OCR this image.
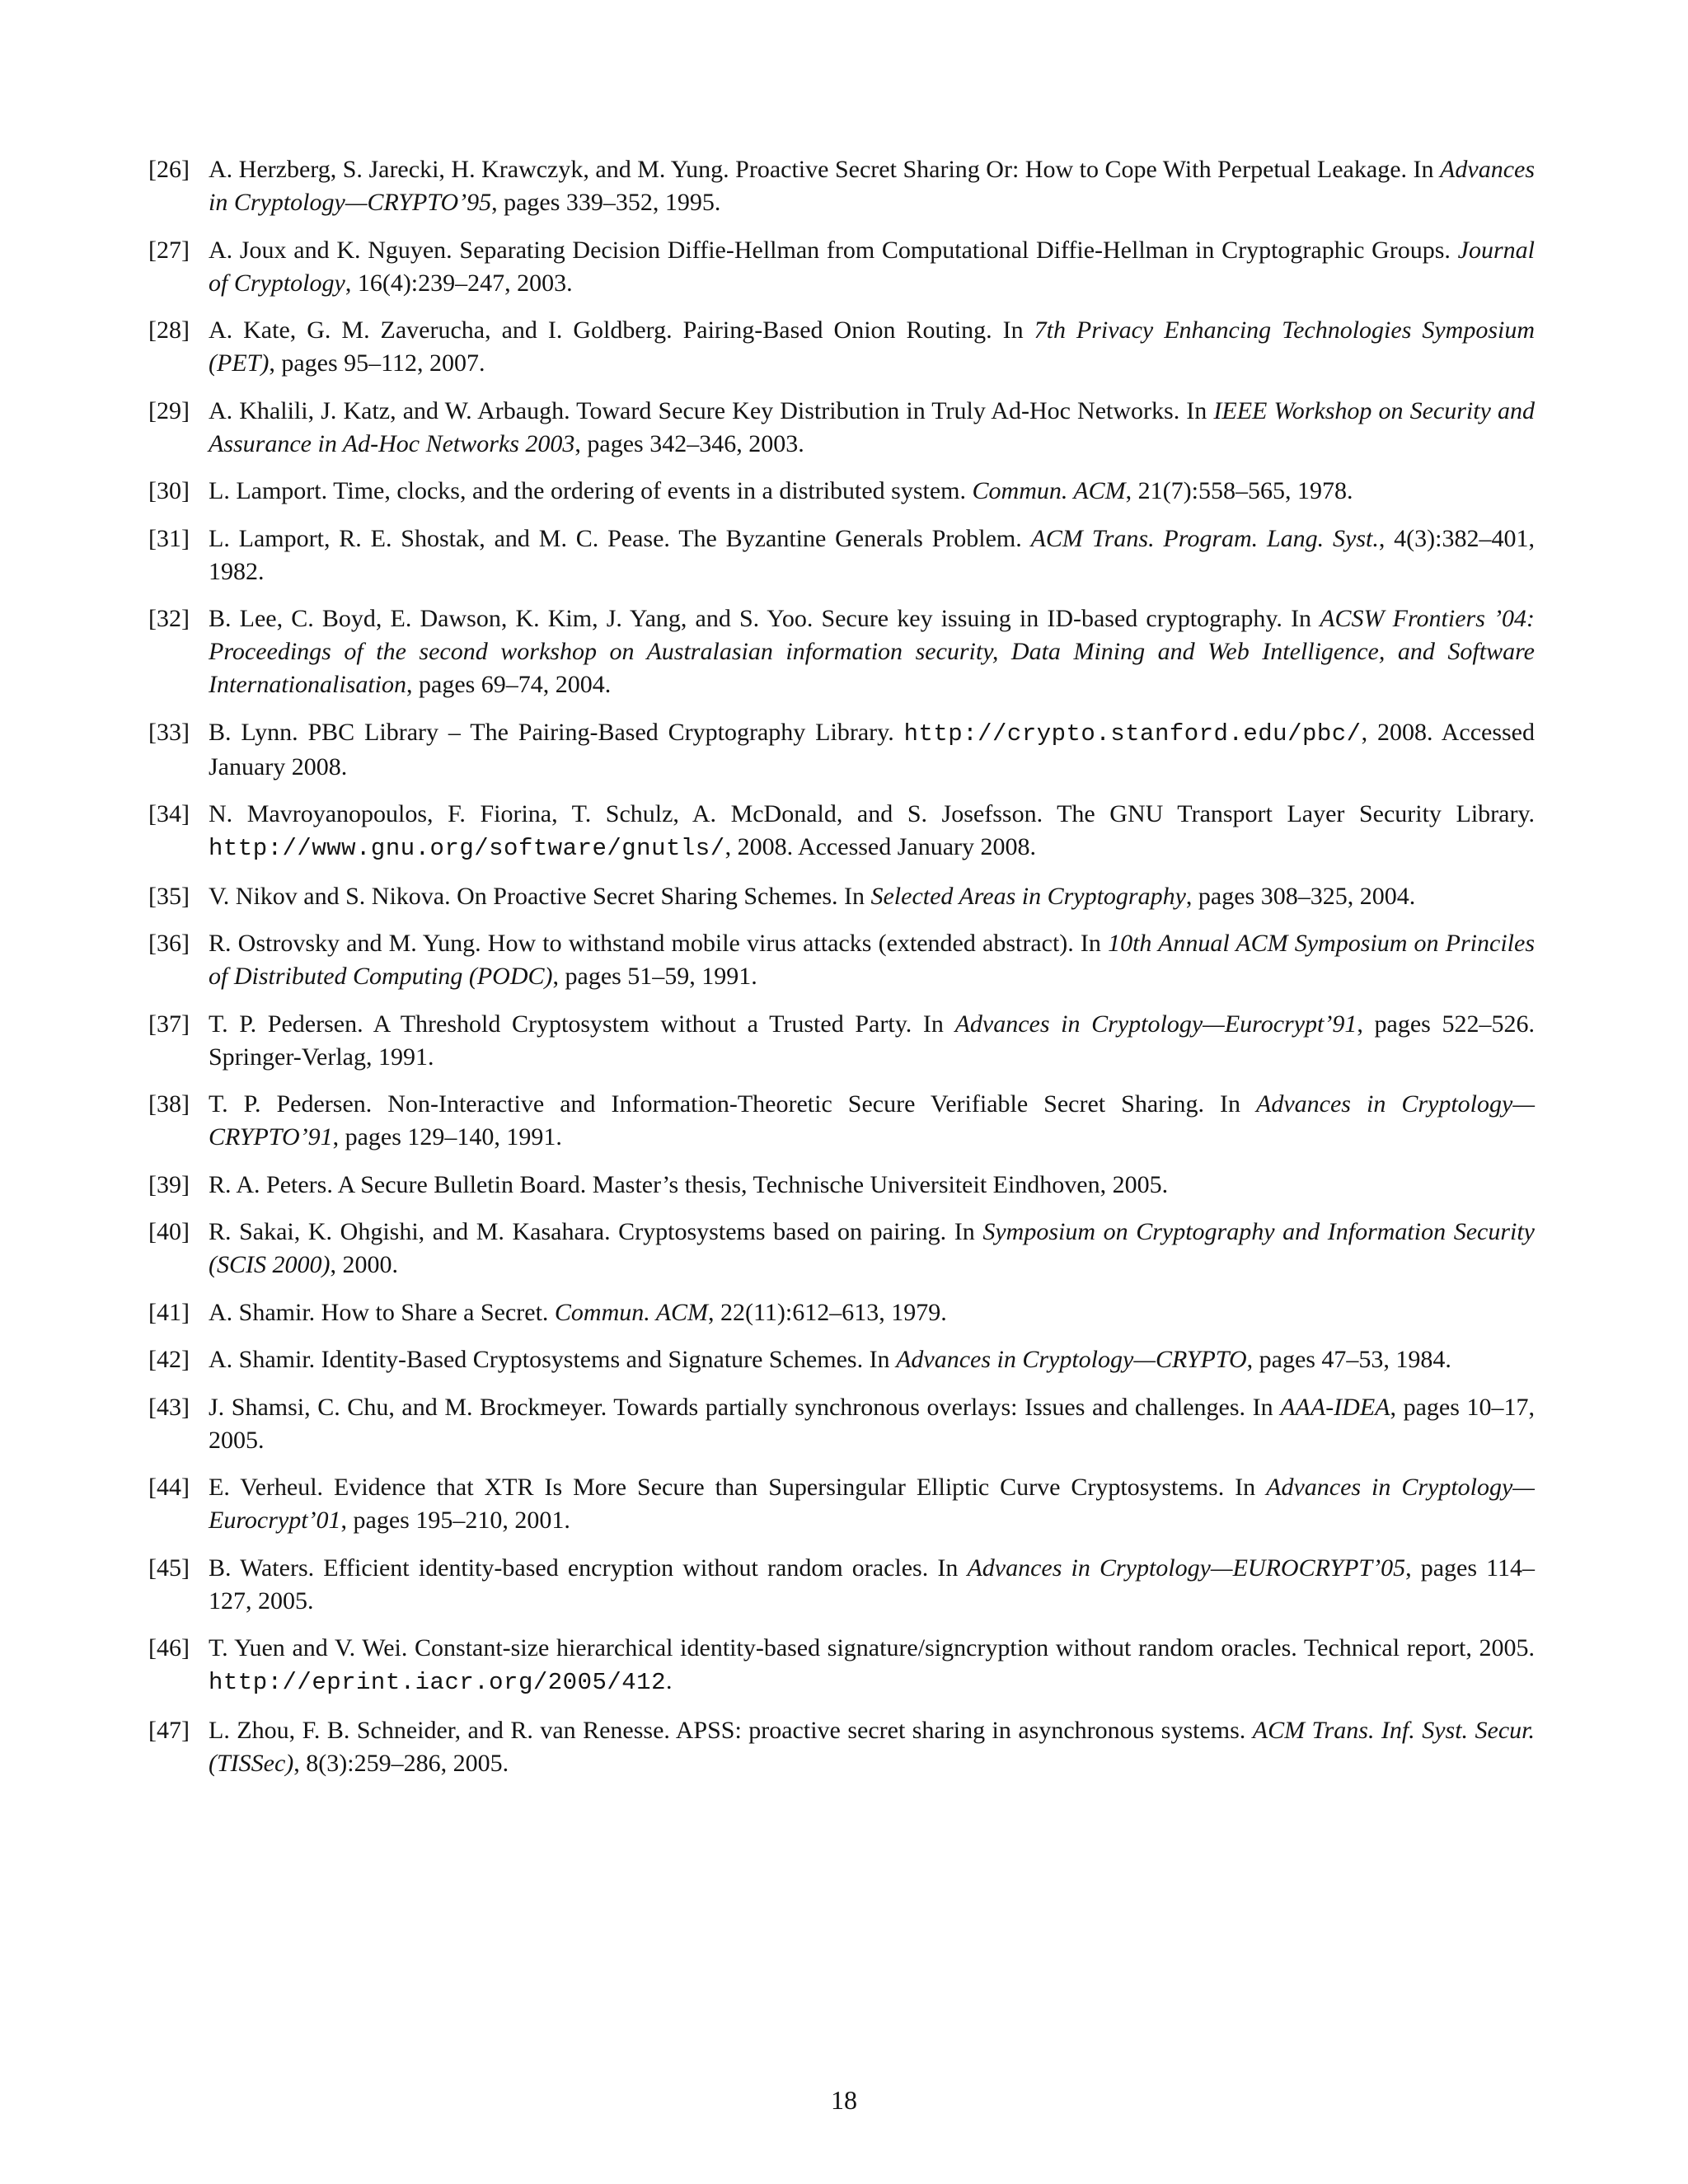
[26] A. Herzberg, S. Jarecki, H. Krawczyk, and M. Yung. Proactive Secret Sharing Or: How to Cope With Perpetual Leakage. In Advances in Cryptology—CRYPTO’95, pages 339–352, 1995.
[27] A. Joux and K. Nguyen. Separating Decision Diffie-Hellman from Computational Diffie-Hellman in Cryptographic Groups. Journal of Cryptology, 16(4):239–247, 2003.
[28] A. Kate, G. M. Zaverucha, and I. Goldberg. Pairing-Based Onion Routing. In 7th Privacy Enhancing Technologies Symposium (PET), pages 95–112, 2007.
[29] A. Khalili, J. Katz, and W. Arbaugh. Toward Secure Key Distribution in Truly Ad-Hoc Networks. In IEEE Workshop on Security and Assurance in Ad-Hoc Networks 2003, pages 342–346, 2003.
[30] L. Lamport. Time, clocks, and the ordering of events in a distributed system. Commun. ACM, 21(7):558–565, 1978.
[31] L. Lamport, R. E. Shostak, and M. C. Pease. The Byzantine Generals Problem. ACM Trans. Program. Lang. Syst., 4(3):382–401, 1982.
[32] B. Lee, C. Boyd, E. Dawson, K. Kim, J. Yang, and S. Yoo. Secure key issuing in ID-based cryptography. In ACSW Frontiers ’04: Proceedings of the second workshop on Australasian information security, Data Mining and Web Intelligence, and Software Internationalisation, pages 69–74, 2004.
[33] B. Lynn. PBC Library – The Pairing-Based Cryptography Library. http://crypto.stanford.edu/pbc/, 2008. Accessed January 2008.
[34] N. Mavroyanopoulos, F. Fiorina, T. Schulz, A. McDonald, and S. Josefsson. The GNU Transport Layer Security Library. http://www.gnu.org/software/gnutls/, 2008. Accessed January 2008.
[35] V. Nikov and S. Nikova. On Proactive Secret Sharing Schemes. In Selected Areas in Cryptography, pages 308–325, 2004.
[36] R. Ostrovsky and M. Yung. How to withstand mobile virus attacks (extended abstract). In 10th Annual ACM Symposium on Princiles of Distributed Computing (PODC), pages 51–59, 1991.
[37] T. P. Pedersen. A Threshold Cryptosystem without a Trusted Party. In Advances in Cryptology—Eurocrypt’91, pages 522–526. Springer-Verlag, 1991.
[38] T. P. Pedersen. Non-Interactive and Information-Theoretic Secure Verifiable Secret Sharing. In Advances in Cryptology—CRYPTO’91, pages 129–140, 1991.
[39] R. A. Peters. A Secure Bulletin Board. Master’s thesis, Technische Universiteit Eindhoven, 2005.
[40] R. Sakai, K. Ohgishi, and M. Kasahara. Cryptosystems based on pairing. In Symposium on Cryptography and Information Security (SCIS 2000), 2000.
[41] A. Shamir. How to Share a Secret. Commun. ACM, 22(11):612–613, 1979.
[42] A. Shamir. Identity-Based Cryptosystems and Signature Schemes. In Advances in Cryptology—CRYPTO, pages 47–53, 1984.
[43] J. Shamsi, C. Chu, and M. Brockmeyer. Towards partially synchronous overlays: Issues and challenges. In AAA-IDEA, pages 10–17, 2005.
[44] E. Verheul. Evidence that XTR Is More Secure than Supersingular Elliptic Curve Cryptosystems. In Advances in Cryptology—Eurocrypt’01, pages 195–210, 2001.
[45] B. Waters. Efficient identity-based encryption without random oracles. In Advances in Cryptology—EUROCRYPT’05, pages 114–127, 2005.
[46] T. Yuen and V. Wei. Constant-size hierarchical identity-based signature/signcryption without random oracles. Technical report, 2005. http://eprint.iacr.org/2005/412.
[47] L. Zhou, F. B. Schneider, and R. van Renesse. APSS: proactive secret sharing in asynchronous systems. ACM Trans. Inf. Syst. Secur.(TISSec), 8(3):259–286, 2005.
18
